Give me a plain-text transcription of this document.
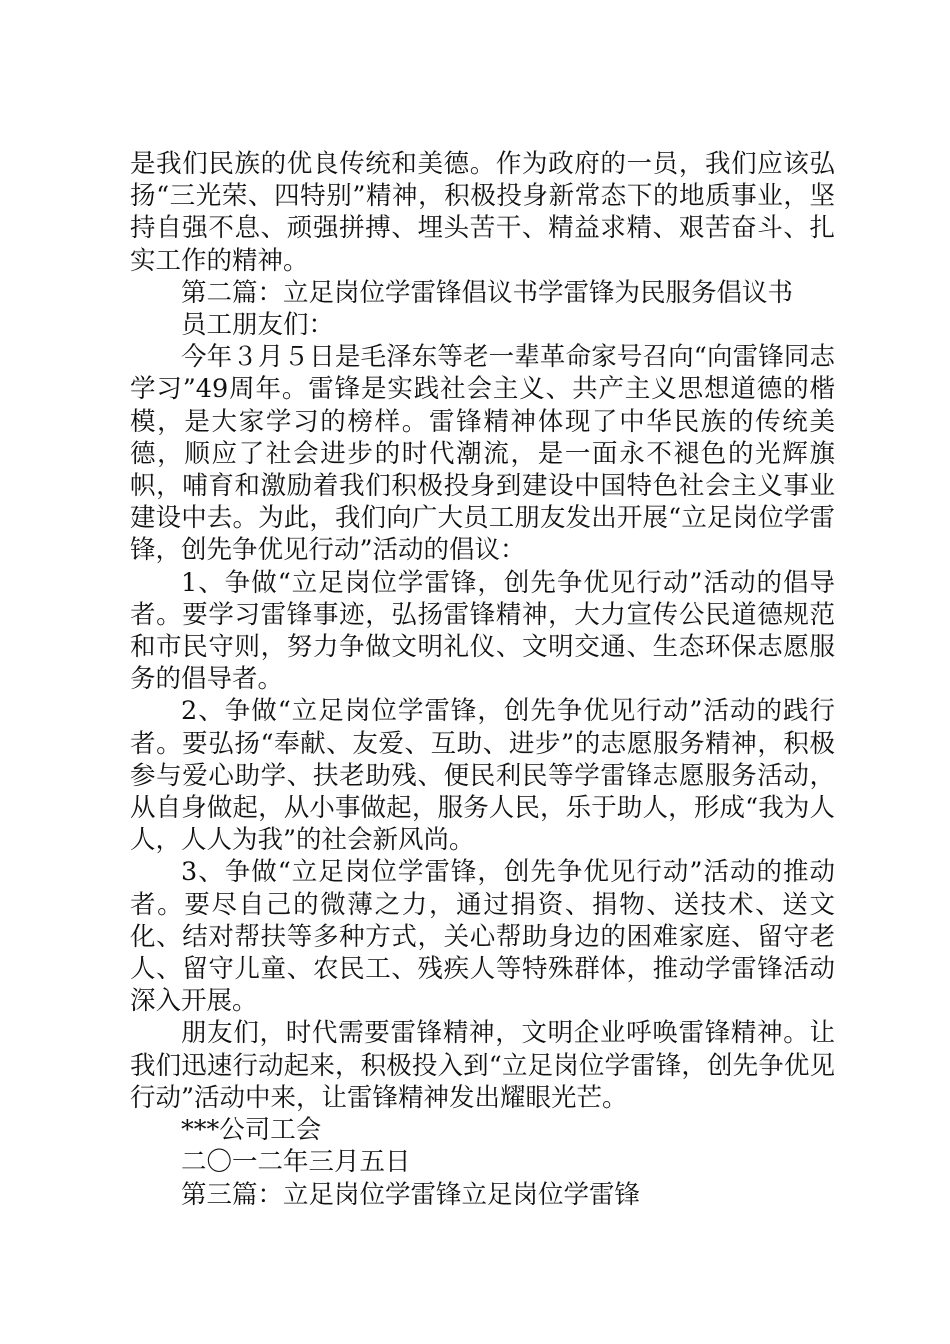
是我们民族的优良传统和美德。作为政府的一员，我们应该弘扬“三光荣、四特别”精神，积极投身新常态下的地质事业，坚持自强不息、顽强拼搏、埋头苦干、精益求精、艰苦奋斗、扎实工作的精神。

第二篇：立足岗位学雷锋倡议书学雷锋为民服务倡议书

员工朋友们：

今年３月５日是毛泽东等老一辈革命家号召向“向雷锋同志学习”49周年。雷锋是实践社会主义、共产主义思想道德的楷模，是大家学习的榜样。雷锋精神体现了中华民族的传统美德，顺应了社会进步的时代潮流，是一面永不褪色的光辉旗帜，哺育和激励着我们积极投身到建设中国特色社会主义事业建设中去。为此，我们向广大员工朋友发出开展“立足岗位学雷锋，创先争优见行动”活动的倡议：

1、争做“立足岗位学雷锋，创先争优见行动”活动的倡导者。要学习雷锋事迹，弘扬雷锋精神，大力宣传公民道德规范和市民守则，努力争做文明礼仪、文明交通、生态环保志愿服务的倡导者。

2、争做“立足岗位学雷锋，创先争优见行动”活动的践行者。要弘扬“奉献、友爱、互助、进步”的志愿服务精神，积极参与爱心助学、扶老助残、便民利民等学雷锋志愿服务活动，从自身做起，从小事做起，服务人民，乐于助人，形成“我为人人，人人为我”的社会新风尚。

3、争做“立足岗位学雷锋，创先争优见行动”活动的推动者。要尽自己的微薄之力，通过捐资、捐物、送技术、送文化、结对帮扶等多种方式，关心帮助身边的困难家庭、留守老人、留守儿童、农民工、残疾人等特殊群体，推动学雷锋活动深入开展。

朋友们，时代需要雷锋精神，文明企业呼唤雷锋精神。让我们迅速行动起来，积极投入到“立足岗位学雷锋，创先争优见行动”活动中来，让雷锋精神发出耀眼光芒。

***公司工会

二〇一二年三月五日

第三篇：立足岗位学雷锋立足岗位学雷锋
